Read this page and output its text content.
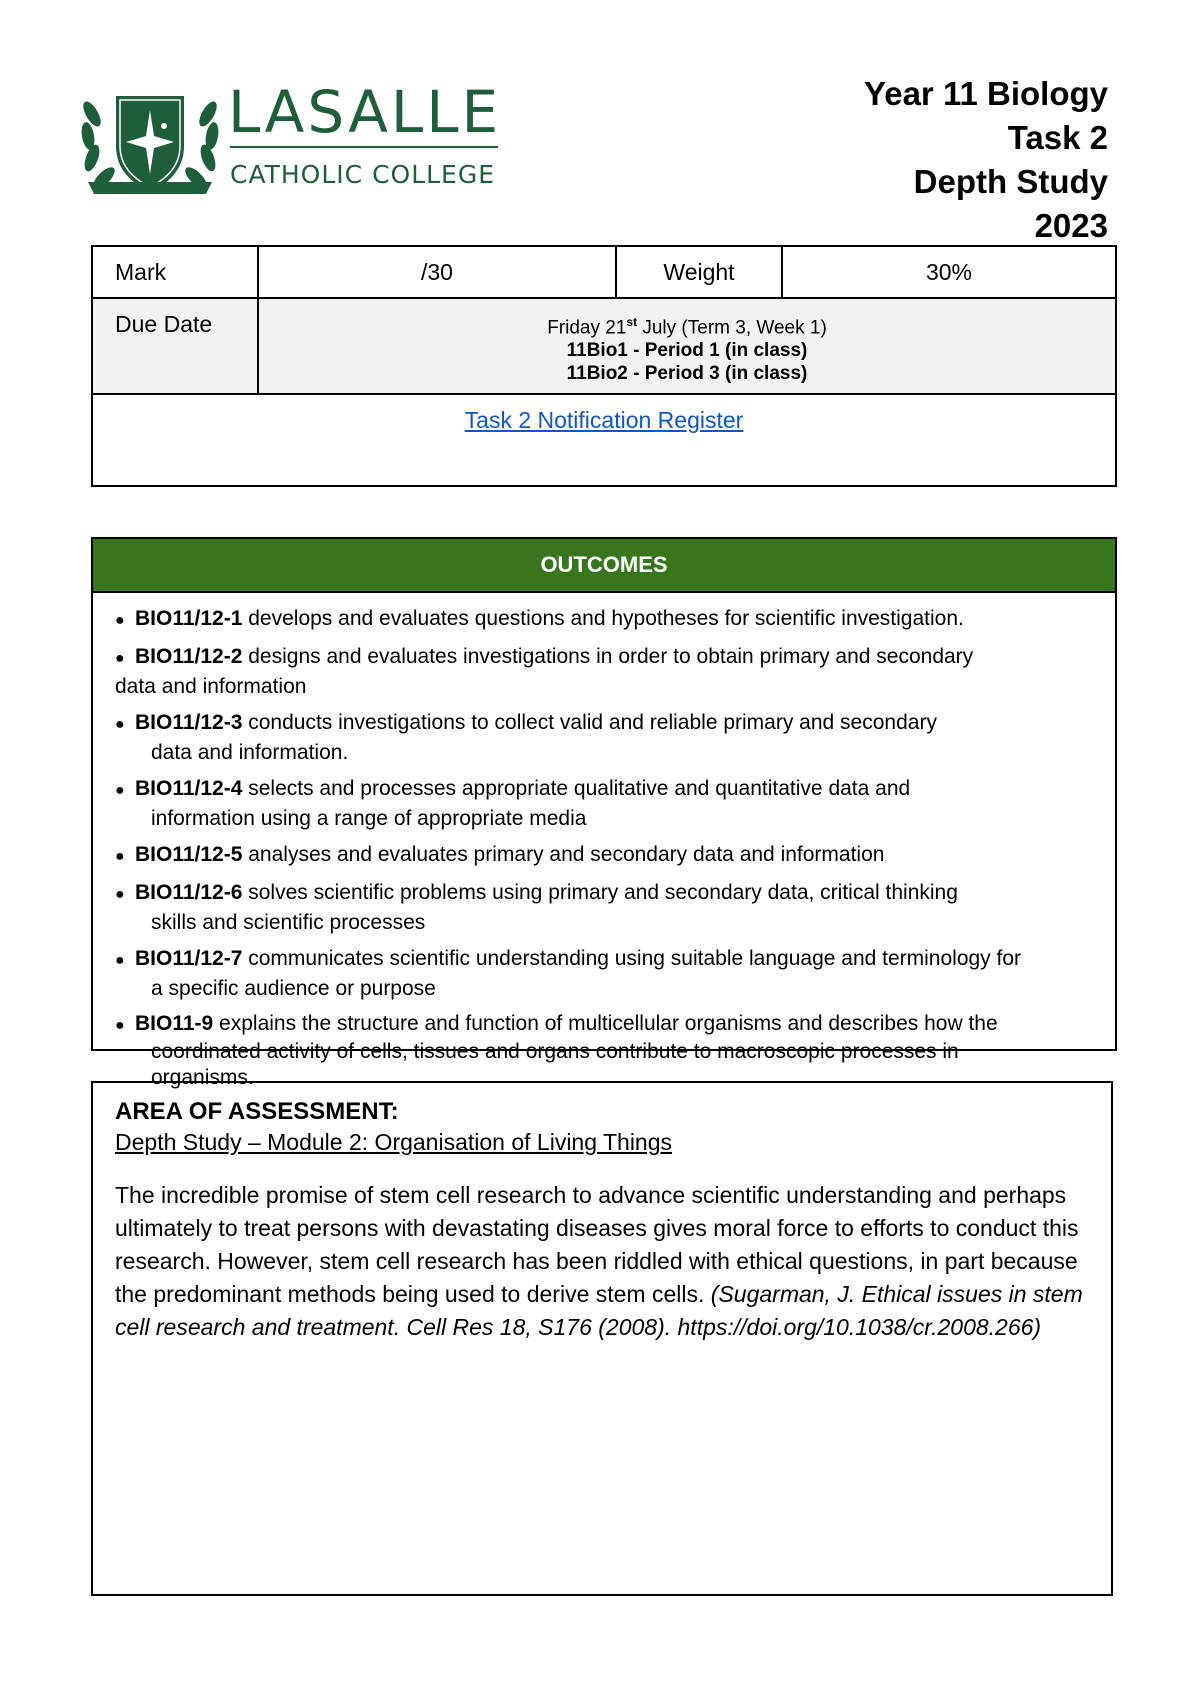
LASALLE
CATHOLIC COLLEGE
Year 11 Biology
Task 2
Depth Study
2023
Mark	/30	Weight	30%
Due Date	Friday 21st July (Term 3, Week 1)
11Bio1 - Period 1 (in class)
11Bio2 - Period 3 (in class)		

Task 2 Notification Register			
OUTCOMES
● BIO11/12-1 develops and evaluates questions and hypotheses for scientific investigation.
● BIO11/12-2 designs and evaluates investigations in order to obtain primary and secondary
data and information
● BIO11/12-3 conducts investigations to collect valid and reliable primary and secondary
data and information.
● BIO11/12-4 selects and processes appropriate qualitative and quantitative data and
information using a range of appropriate media
● BIO11/12-5 analyses and evaluates primary and secondary data and information
● BIO11/12-6 solves scientific problems using primary and secondary data, critical thinking
skills and scientific processes
● BIO11/12-7 communicates scientific understanding using suitable language and terminology for
a specific audience or purpose
● BIO11-9 explains the structure and function of multicellular organisms and describes how the
coordinated activity of cells, tissues and organs contribute to macroscopic processes in
organisms.
AREA OF ASSESSMENT:
Depth Study – Module 2: Organisation of Living Things

The incredible promise of stem cell research to advance scientific understanding and perhaps ultimately to treat persons with devastating diseases gives moral force to efforts to conduct this research. However, stem cell research has been riddled with ethical questions, in part because the predominant methods being used to derive stem cells. (Sugarman, J. Ethical issues in stem cell research and treatment. Cell Res 18, S176 (2008). https://doi.org/10.1038/cr.2008.266)
